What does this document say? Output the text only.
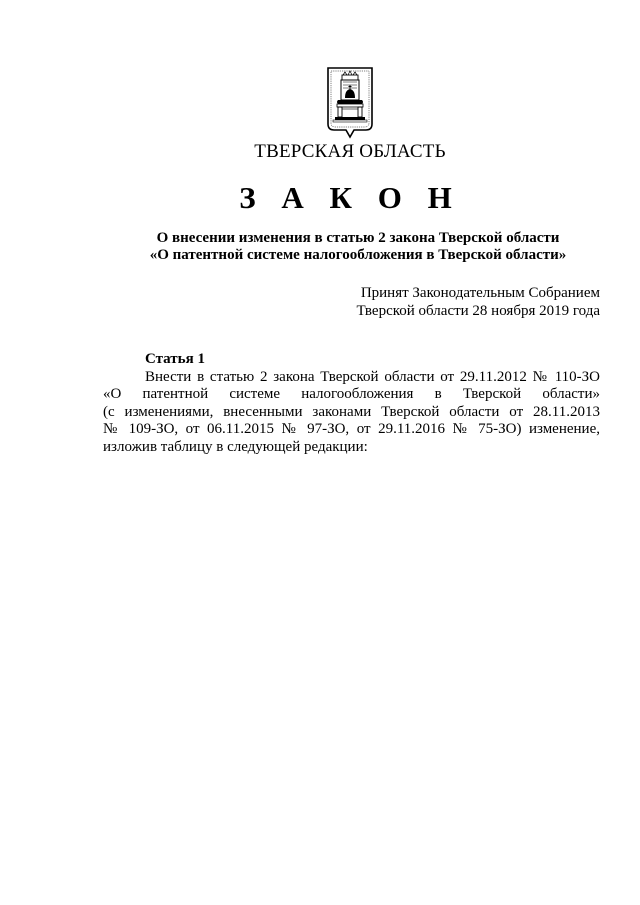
ТВЕРСКАЯ ОБЛАСТЬ
З А К О Н
О внесении изменения в статью 2 закона Тверской области
«О патентной системе налогообложения в Тверской области»
Принят Законодательным Собранием
Тверской области 28 ноября 2019 года
Статья 1
Внести в статью 2 закона Тверской области от 29.11.2012 № 110-ЗО
«О патентной системе налогообложения в Тверской области»
(с изменениями, внесенными законами Тверской области от 28.11.2013
№ 109-ЗО, от 06.11.2015 № 97-ЗО, от 29.11.2016 № 75-ЗО) изменение,
изложив таблицу в следующей редакции:
